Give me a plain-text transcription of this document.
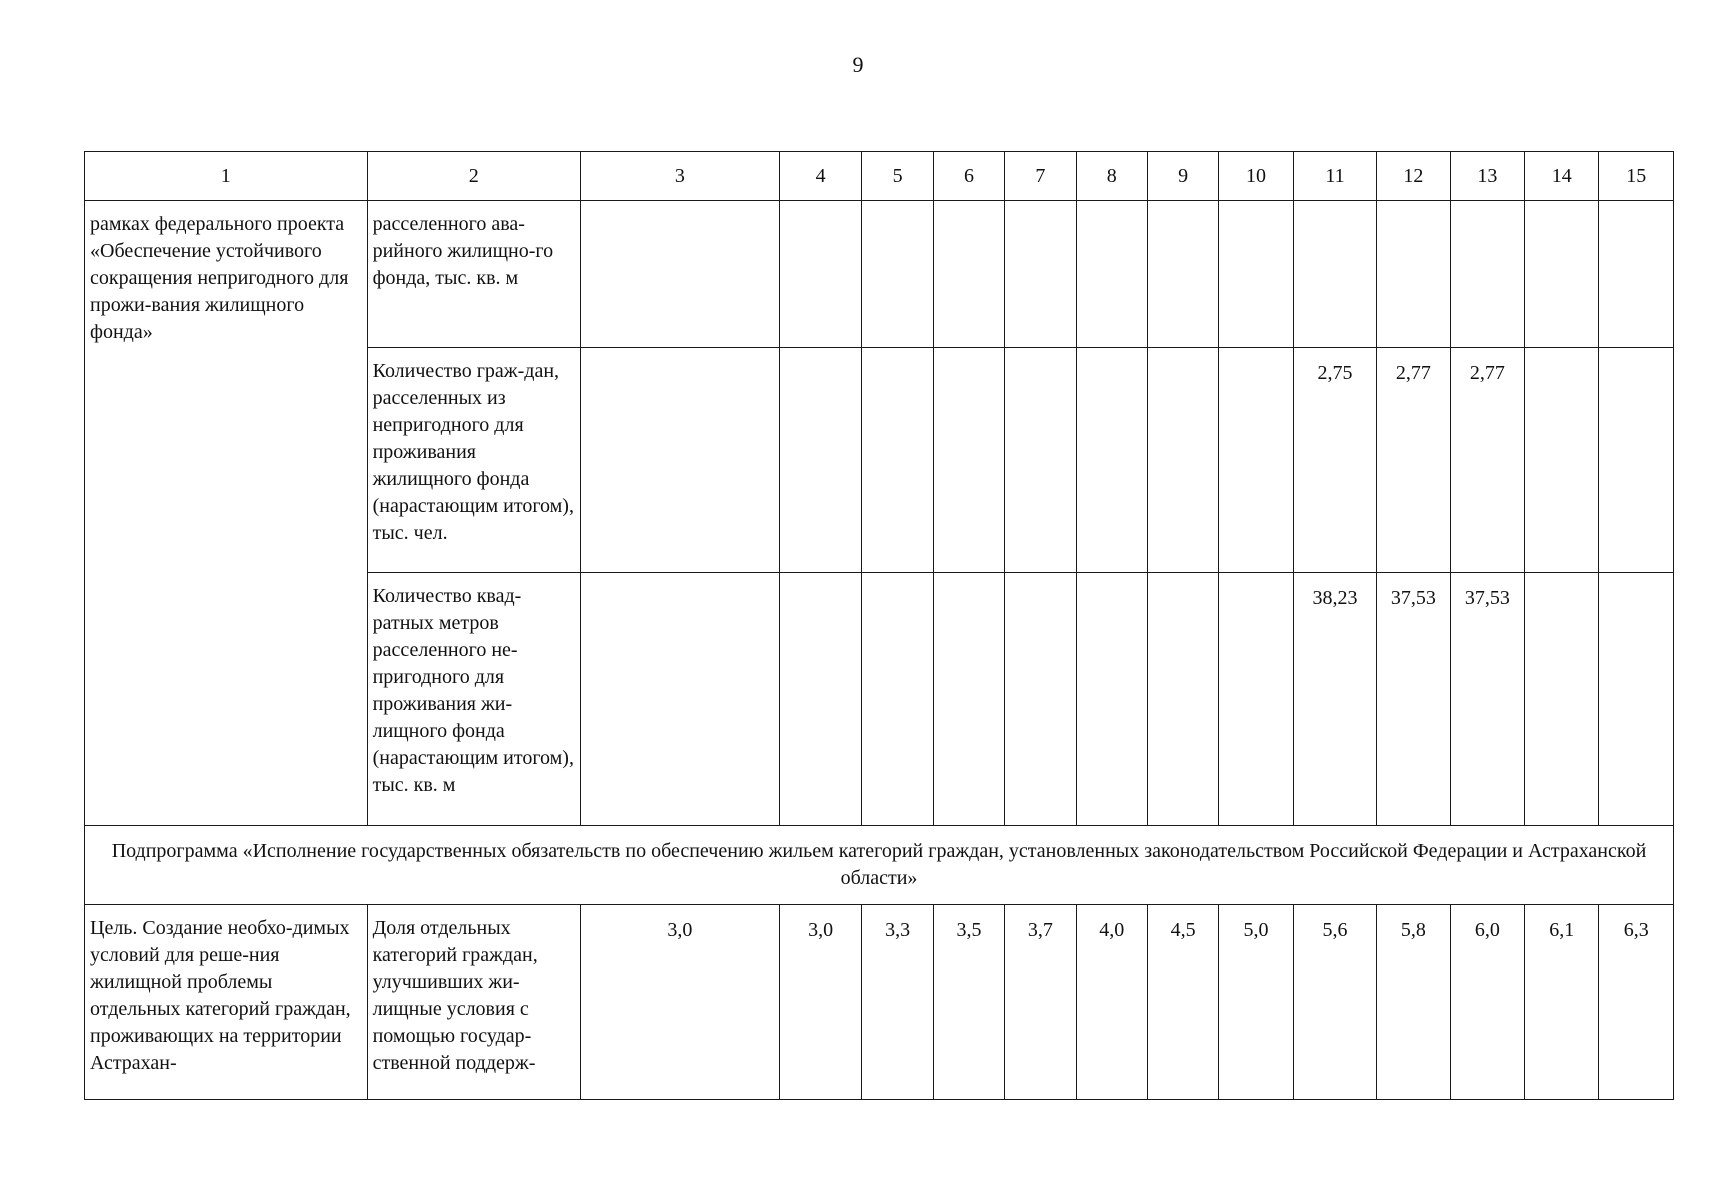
9
1	2	3	4	5	6	7	8	9	10	11	12	13	14	15
рамках федерального проекта «Обеспечение устойчивого сокращения непригодного для прожи-вания жилищного фонда»	расселенного ава-рийного жилищно-го фонда, тыс. кв. м													
	Количество граж-дан, расселенных из непригодного для проживания жилищного фонда (нарастающим итогом), тыс. чел.									2,75	2,77	2,77		
	Количество квад-ратных метров расселенного не-пригодного для проживания жи-лищного фонда (нарастающим итогом), тыс. кв. м									38,23	37,53	37,53		
Подпрограмма «Исполнение государственных обязательств по обеспечению жильем категорий граждан, установленных законодательством Российской Федерации и Астраханской области»														
Цель. Создание необхо-димых условий для реше-ния жилищной проблемы отдельных категорий граждан, проживающих на территории Астрахан-	Доля отдельных категорий граждан, улучшивших жи-лищные условия с помощью государ-ственной поддерж-	3,0	3,0	3,3	3,5	3,7	4,0	4,5	5,0	5,6	5,8	6,0	6,1	6,3
